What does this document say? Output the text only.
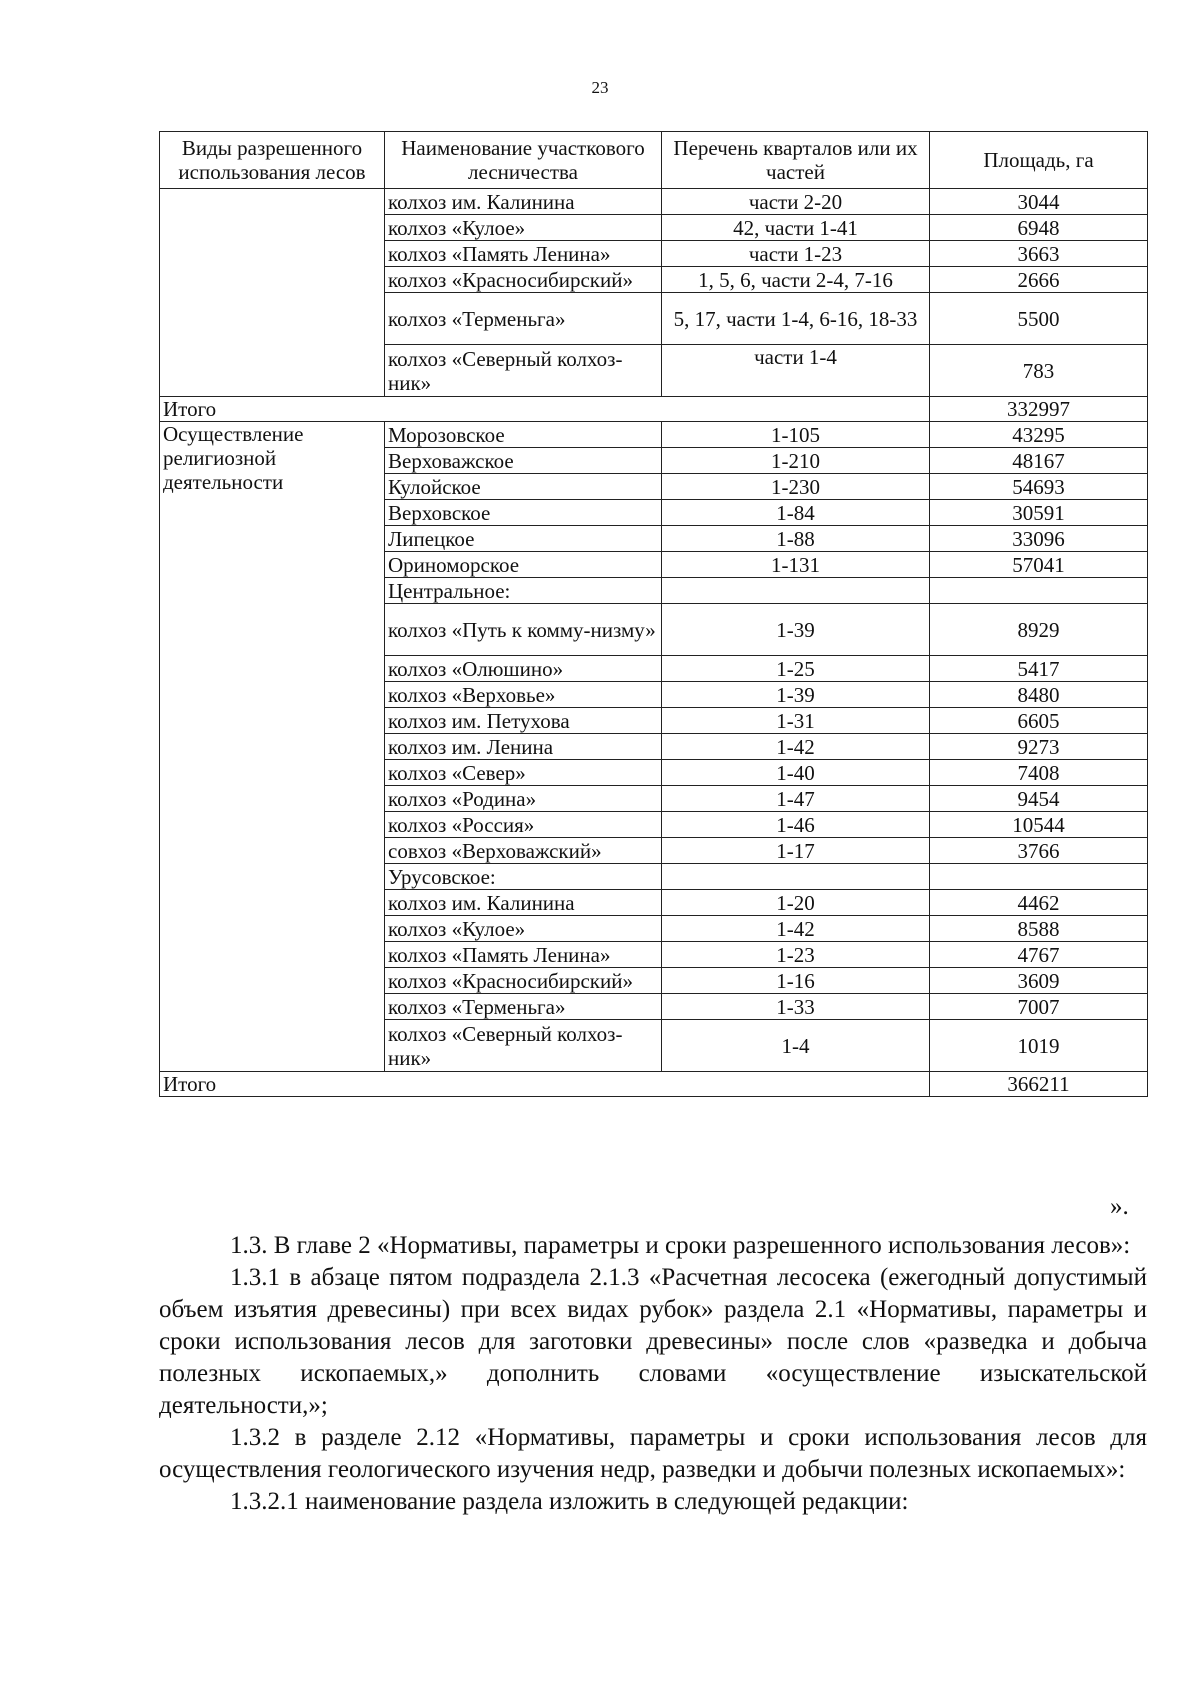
23
Виды разрешенного использования лесов	Наименование участкового лесничества	Перечень кварталов или их частей	Площадь, га
	колхоз им. Калинина	части 2-20	3044
	колхоз «Кулое»	42, части 1-41	6948
	колхоз «Память Ленина»	части 1-23	3663
	колхоз «Красносибирский»	1, 5, 6, части 2-4, 7-16	2666
	колхоз «Терменьга»	5, 17, части 1-4, 6-16, 18-33	5500
	колхоз «Северный колхоз-ник»	части 1-4	783
Итого			332997
Осуществление религиозной деятельности	Морозовское	1-105	43295
	Верховажское	1-210	48167
	Кулойское	1-230	54693
	Верховское	1-84	30591
	Липецкое	1-88	33096
	Ориноморское	1-131	57041
	Центральное:		
	колхоз «Путь к комму-низму»	1-39	8929
	колхоз «Олюшино»	1-25	5417
	колхоз «Верховье»	1-39	8480
	колхоз им. Петухова	1-31	6605
	колхоз им. Ленина	1-42	9273
	колхоз «Север»	1-40	7408
	колхоз «Родина»	1-47	9454
	колхоз «Россия»	1-46	10544
	совхоз «Верховажский»	1-17	3766
	Урусовское:		
	колхоз им. Калинина	1-20	4462
	колхоз «Кулое»	1-42	8588
	колхоз «Память Ленина»	1-23	4767
	колхоз «Красносибирский»	1-16	3609
	колхоз «Терменьга»	1-33	7007
	колхоз «Северный колхоз-ник»	1-4	1019
Итого			366211
».

1.3. В главе 2 «Нормативы, параметры и сроки разрешенного использования лесов»:

1.3.1 в абзаце пятом подраздела 2.1.3 «Расчетная лесосека (ежегодный допустимый объем изъятия древесины) при всех видах рубок» раздела 2.1 «Нормативы, параметры и сроки использования лесов для заготовки древесины» после слов «разведка и добыча полезных ископаемых,» дополнить словами «осуществление изыскательской деятельности,»;

1.3.2 в разделе 2.12 «Нормативы, параметры и сроки использования лесов для осуществления геологического изучения недр, разведки и добычи полезных ископаемых»:

1.3.2.1 наименование раздела изложить в следующей редакции:
